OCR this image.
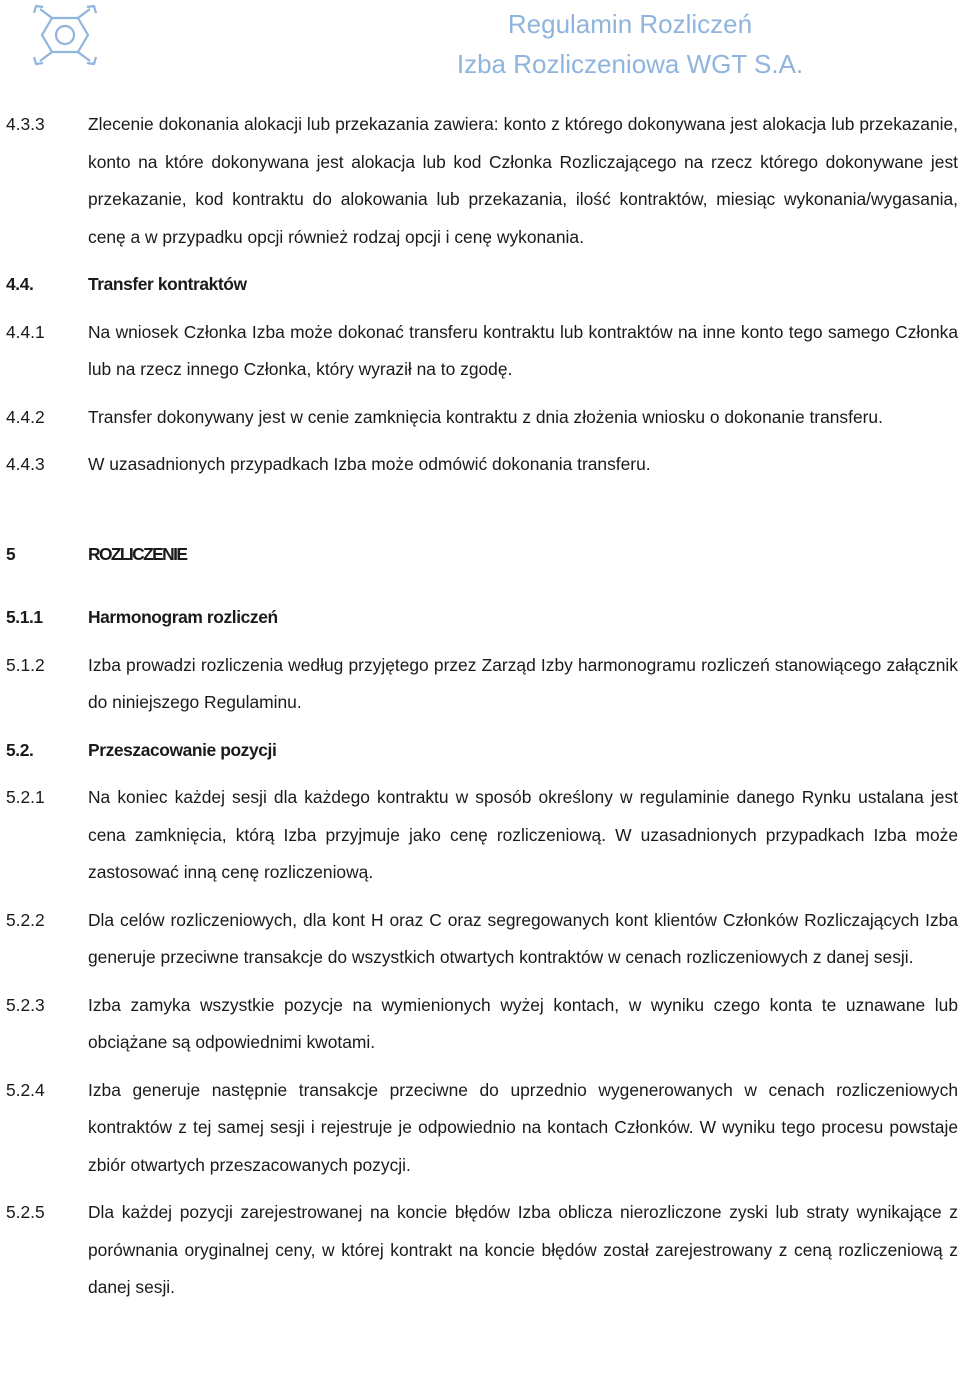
Regulamin Rozliczeń
Izba Rozliczeniowa WGT S.A.
4.3.3	Zlecenie dokonania alokacji lub przekazania zawiera: konto z którego dokonywana jest alokacja lub przekazanie, konto na które dokonywana jest alokacja lub kod Członka Rozliczającego na rzecz którego dokonywane jest przekazanie, kod kontraktu do alokowania lub przekazania, ilość kontraktów, miesiąc wykonania/wygasania, cenę a w przypadku opcji również rodzaj opcji i cenę wykonania.
4.4.	Transfer kontraktów
4.4.1	Na wniosek Członka Izba może dokonać transferu kontraktu lub kontraktów na inne konto tego samego Członka lub na rzecz innego Członka, który wyraził na to zgodę.
4.4.2	Transfer dokonywany jest w cenie zamknięcia kontraktu z dnia złożenia wniosku o dokonanie transferu.
4.4.3	W uzasadnionych przypadkach Izba może odmówić dokonania transferu.
5	ROZLICZENIE
5.1.1	Harmonogram rozliczeń
5.1.2	Izba prowadzi rozliczenia według przyjętego przez Zarząd Izby harmonogramu rozliczeń stanowiącego załącznik do niniejszego Regulaminu.
5.2.	Przeszacowanie pozycji
5.2.1	Na koniec każdej sesji dla każdego kontraktu w sposób określony w regulaminie danego Rynku ustalana jest cena zamknięcia, którą Izba przyjmuje jako cenę rozliczeniową. W uzasadnionych przypadkach Izba może zastosować inną cenę rozliczeniową.
5.2.2	Dla celów rozliczeniowych, dla kont H oraz C oraz segregowanych kont klientów Członków Rozliczających Izba generuje przeciwne transakcje do wszystkich otwartych kontraktów w cenach rozliczeniowych z danej sesji.
5.2.3	Izba zamyka wszystkie pozycje na wymienionych wyżej kontach, w wyniku czego konta te uznawane lub obciążane są odpowiednimi kwotami.
5.2.4	Izba generuje następnie transakcje przeciwne do uprzednio wygenerowanych w cenach rozliczeniowych kontraktów z tej samej sesji i rejestruje je odpowiednio na kontach Członków. W wyniku tego procesu powstaje zbiór otwartych przeszacowanych pozycji.
5.2.5	Dla każdej pozycji zarejestrowanej na koncie błędów Izba oblicza nierozliczone zyski lub straty wynikające z porównania oryginalnej ceny, w której kontrakt na koncie błędów został zarejestrowany z ceną rozliczeniową z danej sesji.
